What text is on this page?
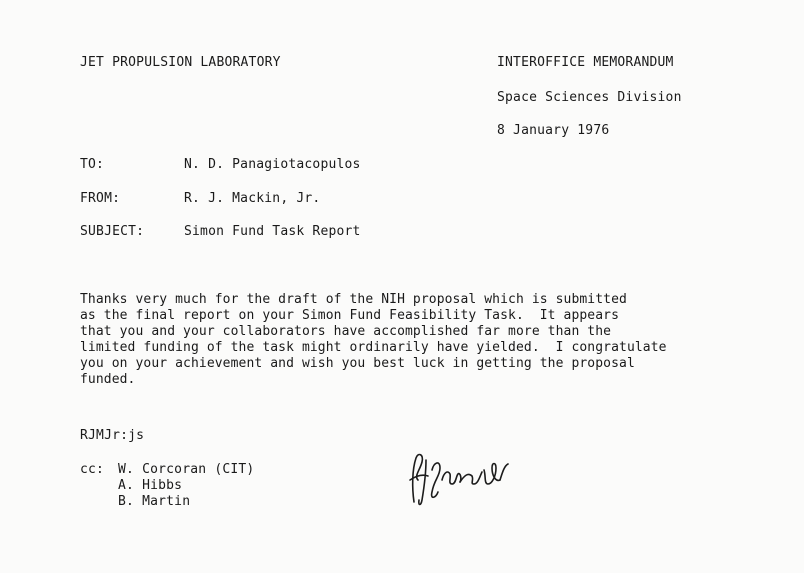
JET PROPULSION LABORATORY	INTEROFFICE MEMORANDUM
Space Sciences Division
8 January 1976
TO:	N. D. Panagiotacopulos
FROM:	R. J. Mackin, Jr.
SUBJECT:	Simon Fund Task Report
Thanks very much for the draft of the NIH proposal which is submitted
as the final report on your Simon Fund Feasibility Task.  It appears
that you and your collaborators have accomplished far more than the
limited funding of the task might ordinarily have yielded.  I congratulate
you on your achievement and wish you best luck in getting the proposal
funded.
RJMJr:js
cc: W. Corcoran (CIT)
A. Hibbs
B. Martin
